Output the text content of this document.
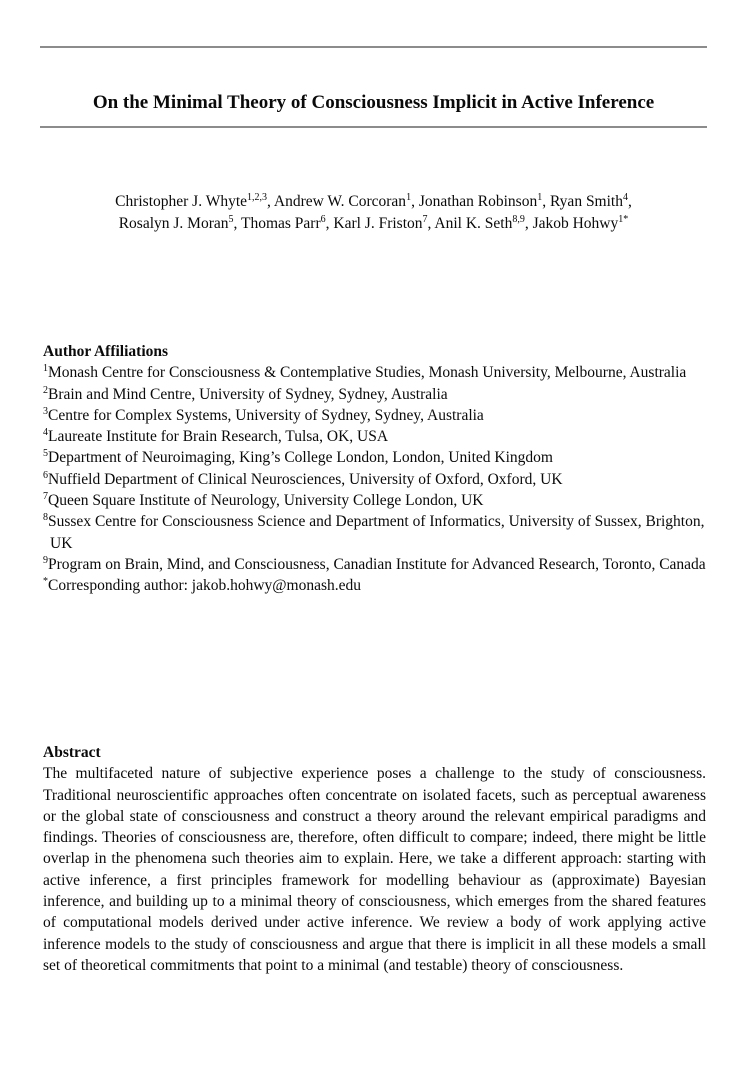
On the Minimal Theory of Consciousness Implicit in Active Inference
Christopher J. Whyte$^{1,2,3}$, Andrew W. Corcoran$^1$, Jonathan Robinson$^1$, Ryan Smith$^4$,
Rosalyn J. Moran$^5$, Thomas Parr$^6$, Karl J. Friston$^7$, Anil K. Seth$^{8,9}$, Jakob Hohwy$^{1*}$
Author Affiliations
$^1$Monash Centre for Consciousness & Contemplative Studies, Monash University, Melbourne, Australia
$^2$Brain and Mind Centre, University of Sydney, Sydney, Australia
$^3$Centre for Complex Systems, University of Sydney, Sydney, Australia
$^4$Laureate Institute for Brain Research, Tulsa, OK, USA
$^5$Department of Neuroimaging, King’s College London, London, United Kingdom
$^6$Nuffield Department of Clinical Neurosciences, University of Oxford, Oxford, UK
$^7$Queen Square Institute of Neurology, University College London, UK
$^8$Sussex Centre for Consciousness Science and Department of Informatics, University of Sussex, Brighton, UK
$^9$Program on Brain, Mind, and Consciousness, Canadian Institute for Advanced Research, Toronto, Canada
*Corresponding author: jakob.hohwy@monash.edu
Abstract
The multifaceted nature of subjective experience poses a challenge to the study of consciousness. Traditional neuroscientific approaches often concentrate on isolated facets, such as perceptual awareness or the global state of consciousness and construct a theory around the relevant empirical paradigms and findings. Theories of consciousness are, therefore, often difficult to compare; indeed, there might be little overlap in the phenomena such theories aim to explain. Here, we take a different approach: starting with active inference, a first principles framework for modelling behaviour as (approximate) Bayesian inference, and building up to a minimal theory of consciousness, which emerges from the shared features of computational models derived under active inference. We review a body of work applying active inference models to the study of consciousness and argue that there is implicit in all these models a small set of theoretical commitments that point to a minimal (and testable) theory of consciousness.
